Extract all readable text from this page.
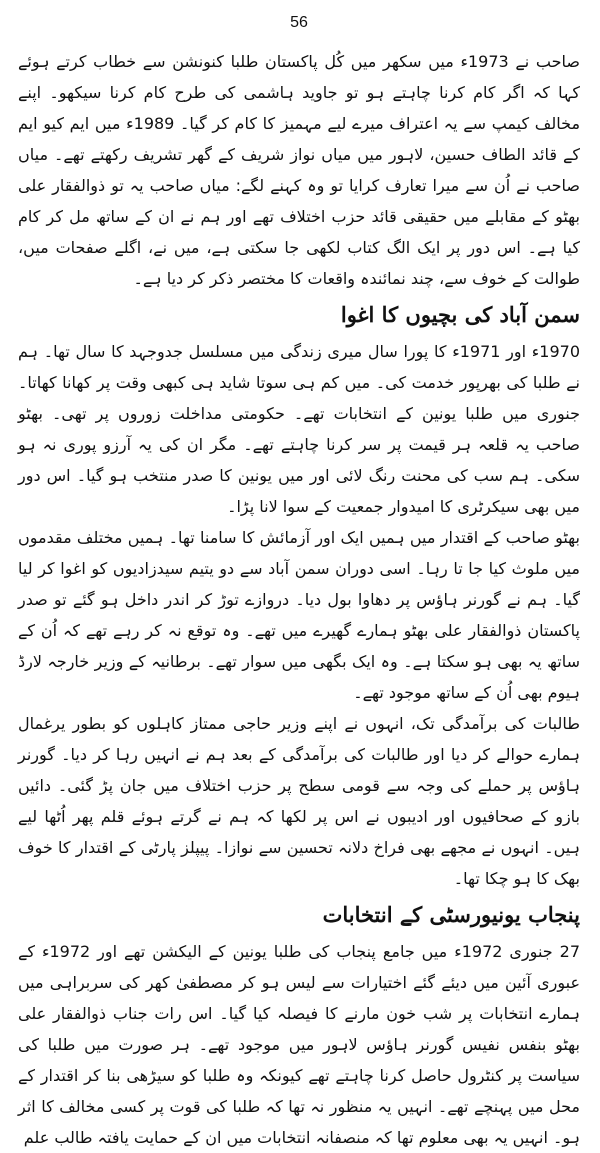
56

صاحب نے 1973ء میں سکھر میں کُل پاکستان طلبا کنونشن سے خطاب کرتے ہوئے کہا کہ اگر کام کرنا چاہتے ہو تو جاوید ہاشمی کی طرح کام کرنا سیکھو۔ اپنے مخالف کیمپ سے یہ اعتراف میرے لیے مہمیز کا کام کر گیا۔ 1989ء میں ایم کیو ایم کے قائد الطاف حسین، لاہور میں میاں نواز شریف کے گھر تشریف رکھتے تھے۔ میاں صاحب نے اُن سے میرا تعارف کرایا تو وہ کہنے لگے: میاں صاحب یہ تو ذوالفقار علی بھٹو کے مقابلے میں حقیقی قائد حزب اختلاف تھے اور ہم نے ان کے ساتھ مل کر کام کیا ہے۔ اس دور پر ایک الگ کتاب لکھی جا سکتی ہے، میں نے، اگلے صفحات میں، طوالت کے خوف سے، چند نمائندہ واقعات کا مختصر ذکر کر دیا ہے۔

سمن آباد کی بچیوں کا اغوا

1970ء اور 1971ء کا پورا سال میری زندگی میں مسلسل جدوجہد کا سال تھا۔ ہم نے طلبا کی بھرپور خدمت کی۔ میں کم ہی سوتا شاید ہی کبھی وقت پر کھانا کھاتا۔ جنوری میں طلبا یونین کے انتخابات تھے۔ حکومتی مداخلت زوروں پر تھی۔ بھٹو صاحب یہ قلعہ ہر قیمت پر سر کرنا چاہتے تھے۔ مگر ان کی یہ آرزو پوری نہ ہو سکی۔ ہم سب کی محنت رنگ لائی اور میں یونین کا صدر منتخب ہو گیا۔ اس دور میں بھی سیکرٹری کا امیدوار جمعیت کے سوا لانا پڑا۔

بھٹو صاحب کے اقتدار میں ہمیں ایک اور آزمائش کا سامنا تھا۔ ہمیں مختلف مقدموں میں ملوث کیا جا تا رہا۔ اسی دوران سمن آباد سے دو یتیم سیدزادیوں کو اغوا کر لیا گیا۔ ہم نے گورنر ہاؤس پر دھاوا بول دیا۔ دروازے توڑ کر اندر داخل ہو گئے تو صدر پاکستان ذوالفقار علی بھٹو ہمارے گھیرے میں تھے۔ وہ توقع نہ کر رہے تھے کہ اُن کے ساتھ یہ بھی ہو سکتا ہے۔ وہ ایک بگھی میں سوار تھے۔ برطانیہ کے وزیر خارجہ لارڈ ہیوم بھی اُن کے ساتھ موجود تھے۔

طالبات کی برآمدگی تک، انہوں نے اپنے وزیر حاجی ممتاز کاہلوں کو بطور یرغمال ہمارے حوالے کر دیا اور طالبات کی برآمدگی کے بعد ہم نے انہیں رہا کر دیا۔ گورنر ہاؤس پر حملے کی وجہ سے قومی سطح پر حزب اختلاف میں جان پڑ گئی۔ دائیں بازو کے صحافیوں اور ادیبوں نے اس پر لکھا کہ ہم نے گرتے ہوئے قلم پھر اُٹھا لیے ہیں۔ انہوں نے مجھے بھی فراخ دلانہ تحسین سے نوازا۔ پیپلز پارٹی کے اقتدار کا خوف بھک کا ہو چکا تھا۔

پنجاب یونیورسٹی کے انتخابات

27 جنوری 1972ء میں جامع پنجاب کی طلبا یونین کے الیکشن تھے اور 1972ء کے عبوری آئین میں دیئے گئے اختیارات سے لیس ہو کر مصطفیٰ کھر کی سربراہی میں ہمارے انتخابات پر شب خون مارنے کا فیصلہ کیا گیا۔ اس رات جناب ذوالفقار علی بھٹو بنفس نفیس گورنر ہاؤس لاہور میں موجود تھے۔ ہر صورت میں طلبا کی سیاست پر کنٹرول حاصل کرنا چاہتے تھے کیونکہ وہ طلبا کو سیڑھی بنا کر اقتدار کے محل میں پہنچے تھے۔ انہیں یہ منظور نہ تھا کہ طلبا کی قوت پر کسی مخالف کا اثر ہو۔ انہیں یہ بھی معلوم تھا کہ منصفانہ انتخابات میں ان کے حمایت یافتہ طالب علم
